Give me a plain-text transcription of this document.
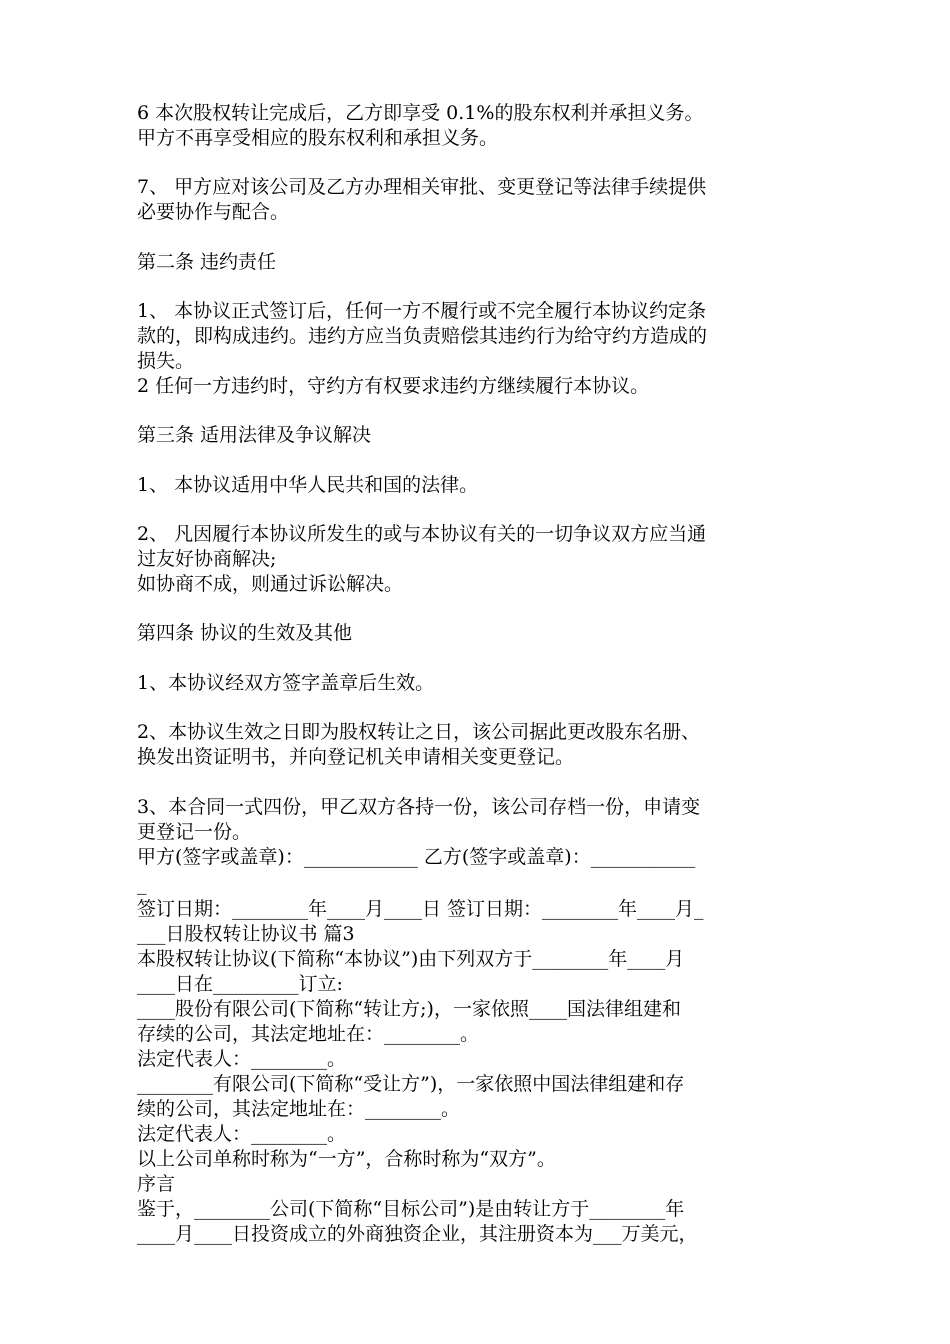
6 本次股权转让完成后，乙方即享受 0.1%的股东权利并承担义务。
甲方不再享受相应的股东权利和承担义务。
7、 甲方应对该公司及乙方办理相关审批、变更登记等法律手续提供
必要协作与配合。
第二条 违约责任
1、 本协议正式签订后，任何一方不履行或不完全履行本协议约定条
款的，即构成违约。违约方应当负责赔偿其违约行为给守约方造成的
损失。
2 任何一方违约时，守约方有权要求违约方继续履行本协议。
第三条 适用法律及争议解决
1、 本协议适用中华人民共和国的法律。
2、 凡因履行本协议所发生的或与本协议有关的一切争议双方应当通
过友好协商解决;
如协商不成，则通过诉讼解决。
第四条 协议的生效及其他
1、本协议经双方签字盖章后生效。
2、本协议生效之日即为股权转让之日，该公司据此更改股东名册、
换发出资证明书，并向登记机关申请相关变更登记。
3、本合同一式四份，甲乙双方各持一份，该公司存档一份，申请变
更登记一份。
甲方(签字或盖章)：____________ 乙方(签字或盖章)：___________
_
签订日期：________年____月____日 签订日期：________年____月_
___日股权转让协议书 篇3
本股权转让协议(下简称“本协议”)由下列双方于________年____月
____日在_________订立:
____股份有限公司(下简称“转让方;)，一家依照____国法律组建和
存续的公司，其法定地址在：________。
法定代表人：________。
________有限公司(下简称“受让方”)，一家依照中国法律组建和存
续的公司，其法定地址在：________。
法定代表人：________。
以上公司单称时称为“一方”，合称时称为“双方”。
序言
鉴于，________公司(下简称“目标公司”)是由转让方于________年
____月____日投资成立的外商独资企业，其注册资本为___万美元，
